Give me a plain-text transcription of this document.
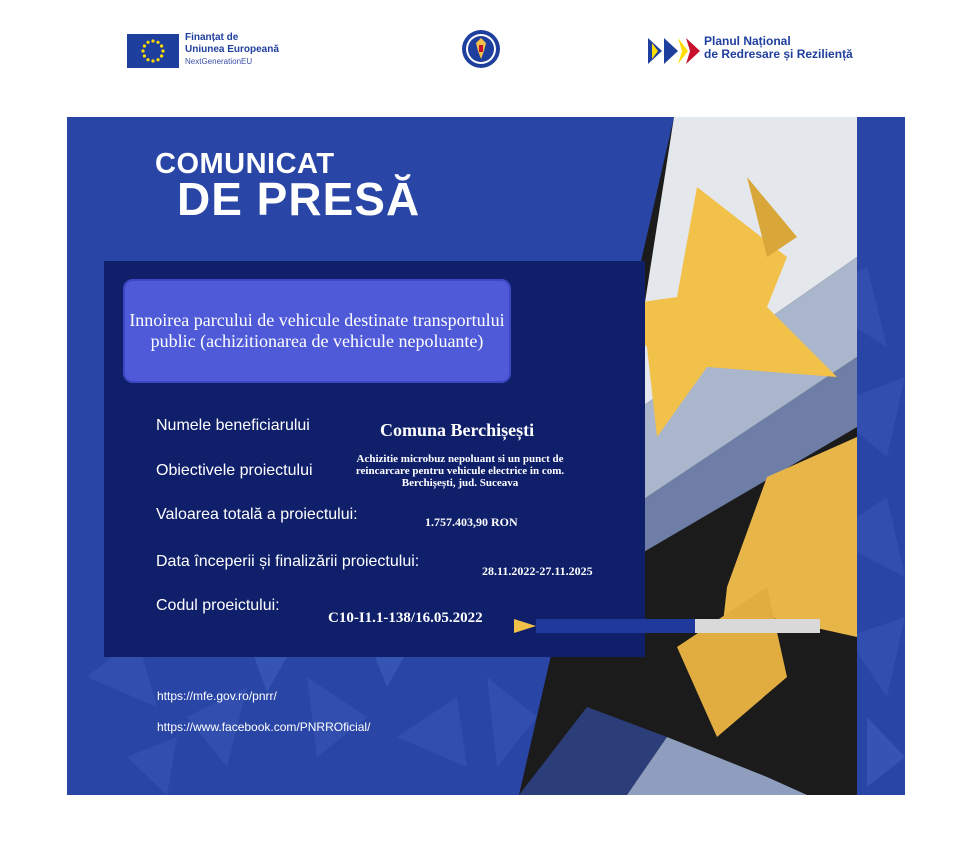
Finanțat de
Uniunea Europeană
NextGenerationEU
Planul Național
de Redresare și Reziliență
COMUNICAT
DE PRESĂ
Innoirea parcului de vehicule destinate transportului public (achizitionarea de vehicule nepoluante)
Numele beneficiarului	Comuna Berchișești
Obiectivele proiectului
Achizitie microbuz nepoluant si un punct de reincarcare pentru vehicule electrice in com. Berchișești, jud. Suceava
Valoarea totală a proiectului:	1.757.403,90 RON
Data începerii și finalizării proiectului:
28.11.2022-27.11.2025
Codul proeictului:
C10-I1.1-138/16.05.2022
https://mfe.gov.ro/pnrr/
https://www.facebook.com/PNRROficial/
